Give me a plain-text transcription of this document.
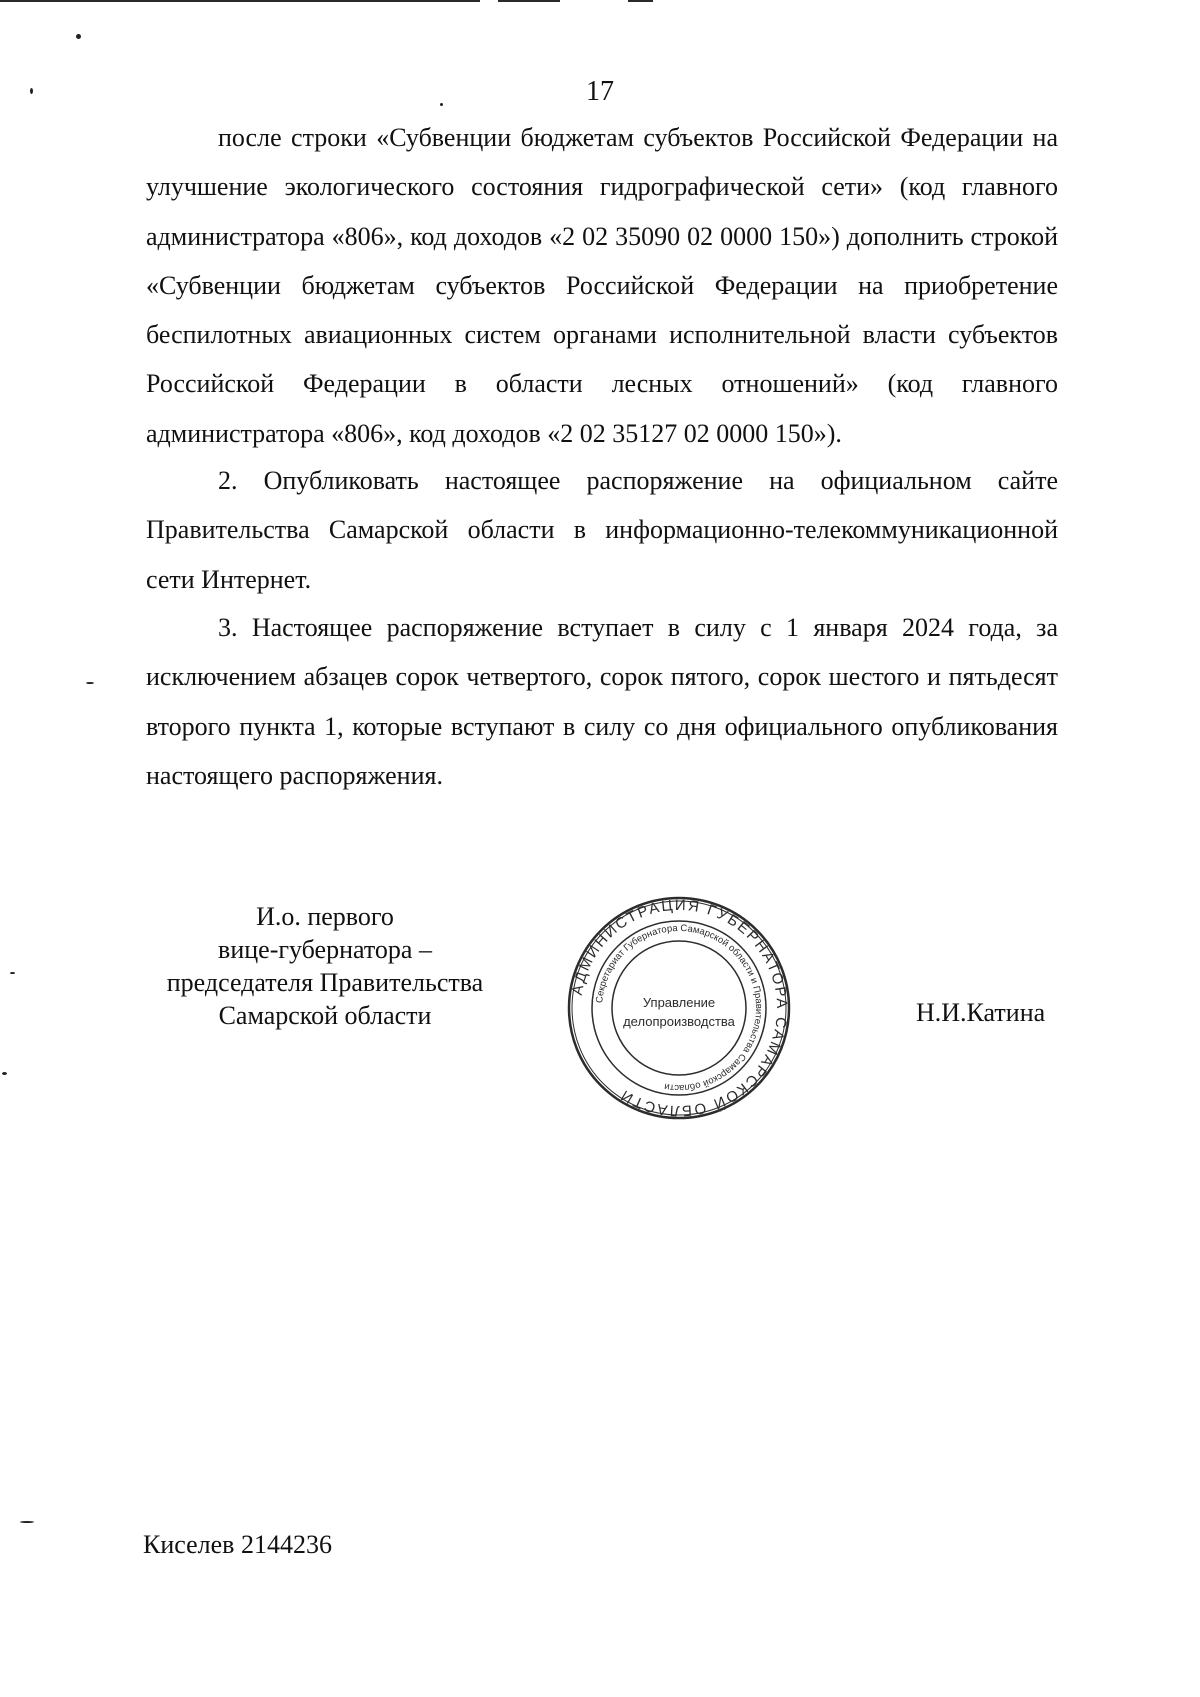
17

после строки «Субвенции бюджетам субъектов Российской Федерации на улучшение экологического состояния гидрографической сети» (код главного администратора «806», код доходов «2 02 35090 02 0000 150») дополнить строкой «Субвенции бюджетам субъектов Российской Федерации на приобретение беспилотных авиационных систем органами исполнительной власти субъектов Российской Федерации в области лесных отношений» (код главного администратора «806», код доходов «2 02 35127 02 0000 150»).

2. Опубликовать настоящее распоряжение на официальном сайте Правительства Самарской области в информационно-телекоммуникационной сети Интернет.

3. Настоящее распоряжение вступает в силу с 1 января 2024 года, за исключением абзацев сорок четвертого, сорок пятого, сорок шестого и пятьдесят второго пункта 1, которые вступают в силу со дня официального опубликования настоящего распоряжения.

И.о. первого
вице-губернатора –
председателя Правительства
Самарской области
АДМИНИСТРАЦИЯ ГУБЕРНАТОРА САМАРСКОЙ ОБЛАСТИ
Секретариат Губернатора Самарской области и Правительства Самарской области
Управление
делопроизводства	Н.И.Катина
Киселев 2144236
